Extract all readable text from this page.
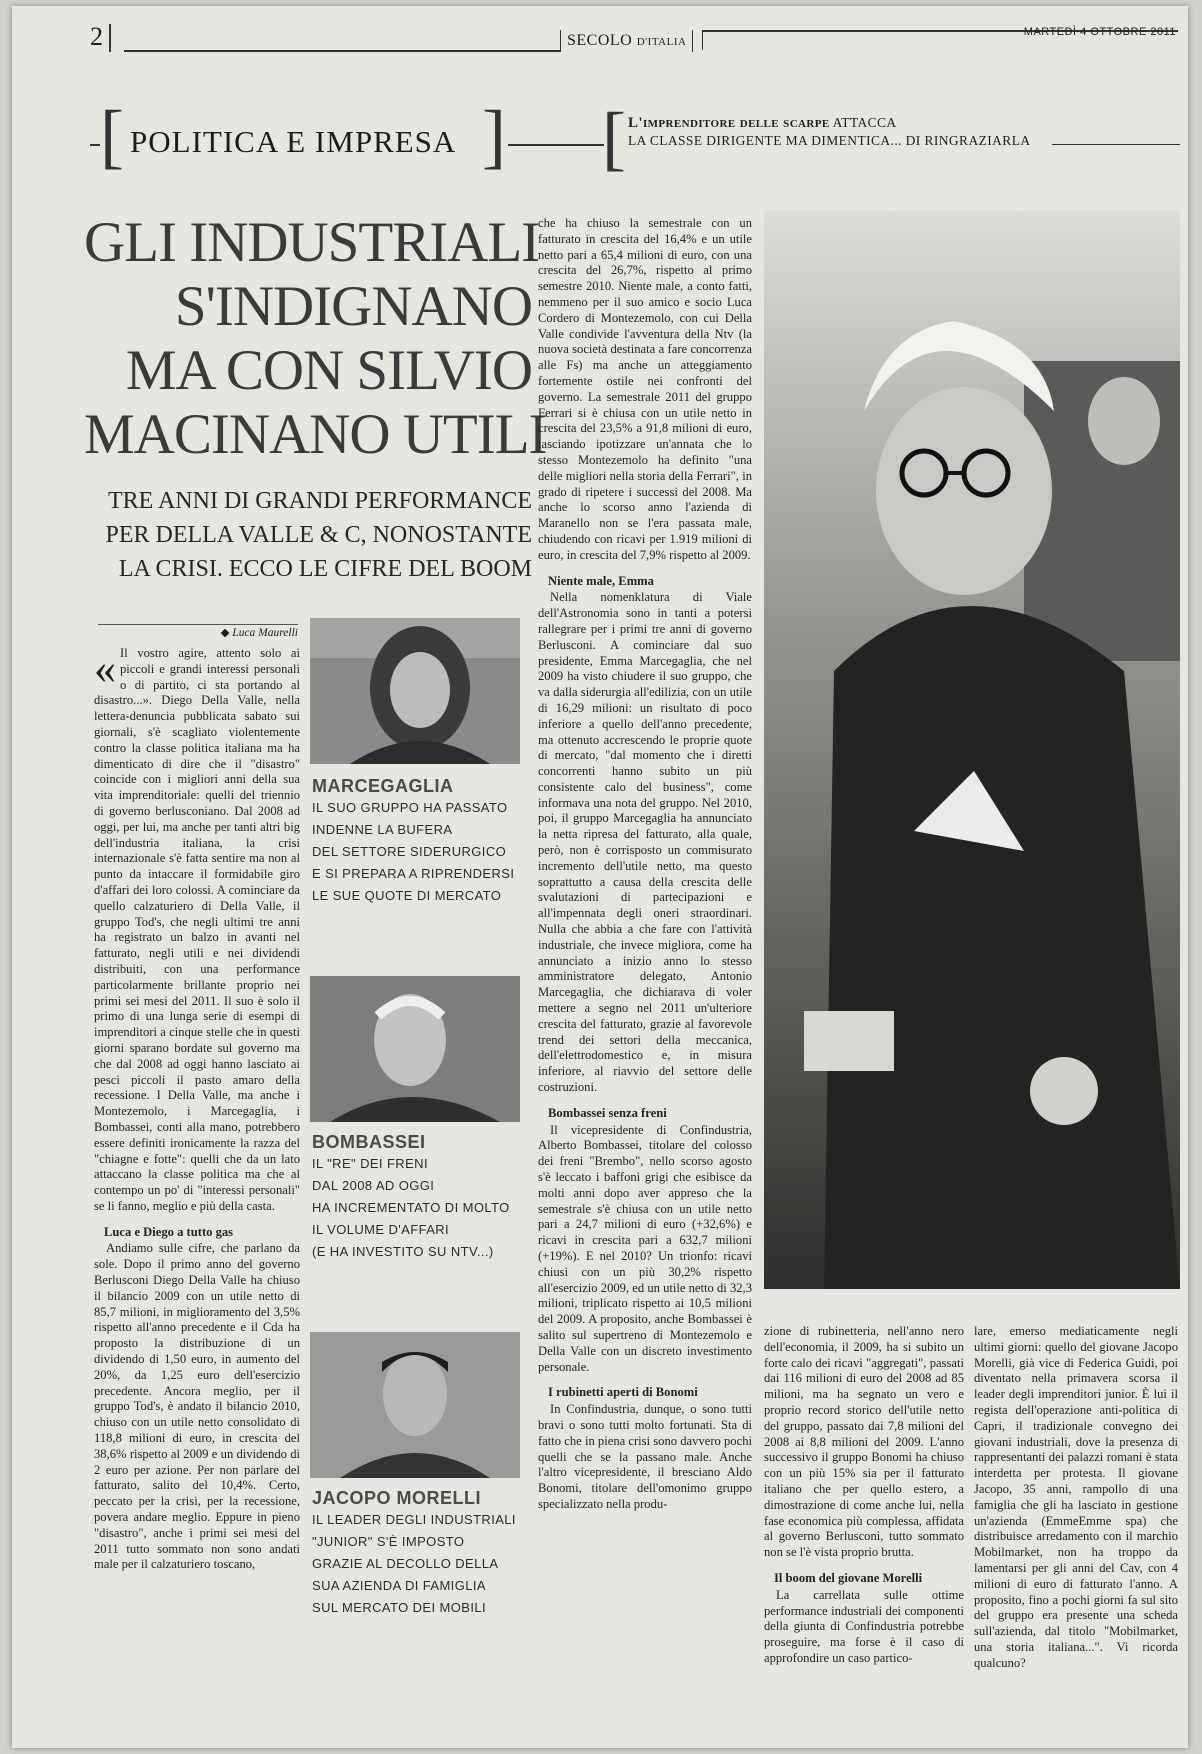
2	SECOLO D'ITALIA
MARTEDÌ 4 OTTOBRE 2011
[ POLITICA E IMPRESA ] [ L'imprenditore delle scarpe ATTACCA
LA CLASSE DIRIGENTE MA DIMENTICA... DI RINGRAZIARLA
GLI INDUSTRIALI
S'INDIGNANO
MA CON SILVIO
MACINANO UTILI
TRE ANNI DI GRANDI PERFORMANCE
PER DELLA VALLE & C, NONOSTANTE
LA CRISI. ECCO LE CIFRE DEL BOOM
◆ Luca Maurelli

« Il vostro agire, attento solo ai piccoli e grandi interessi personali o di partito, ci sta portando al disastro...». Diego Della Valle, nella lettera-denuncia pubblicata sabato sui giornali, s'è scagliato violentemente contro la classe politica italiana ma ha dimenticato di dire che il "disastro" coincide con i migliori anni della sua vita imprenditoriale: quelli del triennio di governo berlusconiano. Dal 2008 ad oggi, per lui, ma anche per tanti altri big dell'industria italiana, la crisi internazionale s'è fatta sentire ma non al punto da intaccare il formidabile giro d'affari dei loro colossi. A cominciare da quello calzaturiero di Della Valle, il gruppo Tod's, che negli ultimi tre anni ha registrato un balzo in avanti nel fatturato, negli utili e nei dividendi distribuiti, con una performance particolarmente brillante proprio nei primi sei mesi del 2011. Il suo è solo il primo di una lunga serie di esempi di imprenditori a cinque stelle che in questi giorni sparano bordate sul governo ma che dal 2008 ad oggi hanno lasciato ai pesci piccoli il pasto amaro della recessione. I Della Valle, ma anche i Montezemolo, i Marcegaglia, i Bombassei, conti alla mano, potrebbero essere definiti ironicamente la razza del "chiagne e fotte": quelli che da un lato attaccano la classe politica ma che al contempo un po' di "interessi personali" se li fanno, meglio e più della casta.

Luca e Diego a tutto gas

Andiamo sulle cifre, che parlano da sole. Dopo il primo anno del governo Berlusconi Diego Della Valle ha chiuso il bilancio 2009 con un utile netto di 85,7 milioni, in miglioramento del 3,5% rispetto all'anno precedente e il Cda ha proposto la distribuzione di un dividendo di 1,50 euro, in aumento del 20%, da 1,25 euro dell'esercizio precedente. Ancora meglio, per il gruppo Tod's, è andato il bilancio 2010, chiuso con un utile netto consolidato di 118,8 milioni di euro, in crescita del 38,6% rispetto al 2009 e un dividendo di 2 euro per azione. Per non parlare del fatturato, salito del 10,4%. Certo, peccato per la crisi, per la recessione, povera andare meglio. Eppure in pieno "disastro", anche i primi sei mesi del 2011 tutto sommato non sono andati male per il calzaturiero toscano,

MARCEGAGLIA
IL SUO GRUPPO HA PASSATO
INDENNE LA BUFERA
DEL SETTORE SIDERURGICO
E SI PREPARA A RIPRENDERSI
LE SUE QUOTE DI MERCATO
BOMBASSEI
IL "RE" DEI FRENI
DAL 2008 AD OGGI
HA INCREMENTATO DI MOLTO
IL VOLUME D'AFFARI
(E HA INVESTITO SU NTV...)
JACOPO MORELLI
IL LEADER DEGLI INDUSTRIALI
"JUNIOR" S'È IMPOSTO
GRAZIE AL DECOLLO DELLA
SUA AZIENDA DI FAMIGLIA
SUL MERCATO DEI MOBILI

che ha chiuso la semestrale con un fatturato in crescita del 16,4% e un utile netto pari a 65,4 milioni di euro, con una crescita del 26,7%, rispetto al primo semestre 2010. Niente male, a conto fatti, nemmeno per il suo amico e socio Luca Cordero di Montezemolo, con cui Della Valle condivide l'avventura della Ntv (la nuova società destinata a fare concorrenza alle Fs) ma anche un atteggiamento fortemente ostile nei confronti del governo. La semestrale 2011 del gruppo Ferrari si è chiusa con un utile netto in crescita del 23,5% a 91,8 milioni di euro, lasciando ipotizzare un'annata che lo stesso Montezemolo ha definito "una delle migliori nella storia della Ferrari", in grado di ripetere i successi del 2008. Ma anche lo scorso anno l'azienda di Maranello non se l'era passata male, chiudendo con ricavi per 1.919 milioni di euro, in crescita del 7,9% rispetto al 2009.

Niente male, Emma

Nella nomenklatura di Viale dell'Astronomia sono in tanti a potersi rallegrare per i primi tre anni di governo Berlusconi. A cominciare dal suo presidente, Emma Marcegaglia, che nel 2009 ha visto chiudere il suo gruppo, che va dalla siderurgia all'edilizia, con un utile di 16,29 milioni: un risultato di poco inferiore a quello dell'anno precedente, ma ottenuto accrescendo le proprie quote di mercato, "dal momento che i diretti concorrenti hanno subito un più consistente calo del business", come informava una nota del gruppo. Nel 2010, poi, il gruppo Marcegaglia ha annunciato la netta ripresa del fatturato, alla quale, però, non è corrisposto un commisurato incremento dell'utile netto, ma questo soprattutto a causa della crescita delle svalutazioni di partecipazioni e all'impennata degli oneri straordinari. Nulla che abbia a che fare con l'attività industriale, che invece migliora, come ha annunciato a inizio anno lo stesso amministratore delegato, Antonio Marcegaglia, che dichiarava di voler mettere a segno nel 2011 un'ulteriore crescita del fatturato, grazie al favorevole trend dei settori della meccanica, dell'elettrodomestico e, in misura inferiore, al riavvio del settore delle costruzioni.

Bombassei senza freni

Il vicepresidente di Confindustria, Alberto Bombassei, titolare del colosso dei freni "Brembo", nello scorso agosto s'è leccato i baffoni grigi che esibisce da molti anni dopo aver appreso che la semestrale s'è chiusa con un utile netto pari a 24,7 milioni di euro (+32,6%) e ricavi in crescita pari a 632,7 milioni (+19%). E nel 2010? Un trionfo: ricavi chiusi con un più 30,2% rispetto all'esercizio 2009, ed un utile netto di 32,3 milioni, triplicato rispetto ai 10,5 milioni del 2009. A proposito, anche Bombassei è salito sul supertreno di Montezemolo e Della Valle con un discreto investimento personale.

I rubinetti aperti di Bonomi

In Confindustria, dunque, o sono tutti bravi o sono tutti molto fortunati. Sta di fatto che in piena crisi sono davvero pochi quelli che se la passano male. Anche l'altro vicepresidente, il bresciano Aldo Bonomi, titolare dell'omonimo gruppo specializzato nella produ-

zione di rubinetteria, nell'anno nero dell'economia, il 2009, ha si subito un forte calo dei ricavi "aggregati", passati dai 116 milioni di euro del 2008 ad 85 milioni, ma ha segnato un vero e proprio record storico dell'utile netto del gruppo, passato dai 7,8 milioni del 2008 ai 8,8 milioni del 2009. L'anno successivo il gruppo Bonomi ha chiuso con un più 15% sia per il fatturato italiano che per quello estero, a dimostrazione di come anche lui, nella fase economica più complessa, affidata al governo Berlusconi, tutto sommato non se l'è vista proprio brutta.

Il boom del giovane Morelli

La carrellata sulle ottime performance industriali dei componenti della giunta di Confindustria potrebbe proseguire, ma forse è il caso di approfondire un caso partico-

lare, emerso mediaticamente negli ultimi giorni: quello del giovane Jacopo Morelli, già vice di Federica Guidi, poi diventato nella primavera scorsa il leader degli imprenditori junior. È lui il regista dell'operazione anti-politica di Capri, il tradizionale convegno dei giovani industriali, dove la presenza di rappresentanti dei palazzi romani è stata interdetta per protesta. Il giovane Jacopo, 35 anni, rampollo di una famiglia che gli ha lasciato in gestione un'azienda (EmmeEmme spa) che distribuisce arredamento con il marchio Mobilmarket, non ha troppo da lamentarsi per gli anni del Cav, con 4 milioni di euro di fatturato l'anno. A proposito, fino a pochi giorni fa sul sito del gruppo era presente una scheda sull'azienda, dal titolo "Mobilmarket, una storia italiana...". Vi ricorda qualcuno?
